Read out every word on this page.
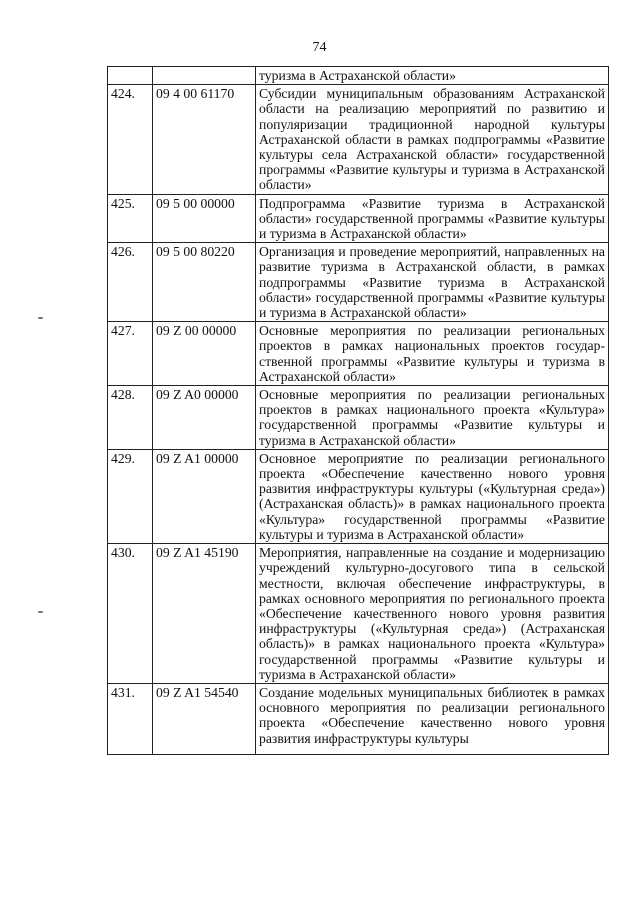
74
		туризма в Астраханской области»
424.	09 4 00 61170	Субсидии муниципальным образованиям Астраханской области на реализацию мероприятий по развитию и популяризации традиционной народной культуры Астраханской области в рамках подпрограммы «Развитие культуры села Астраханской области» государственной программы «Развитие культуры и туризма в Астраханской области»
425.	09 5 00 00000	Подпрограмма «Развитие туризма в Астраханской области» государственной программы «Развитие культуры и туризма в Астраханской области»
426.	09 5 00 80220	Организация и проведение мероприятий, направленных на развитие туризма в Астраханской области, в рамках подпрограммы «Развитие туризма в Астраханской области» государственной программы «Развитие культуры и туризма в Астраханской области»
427.	09 Z 00 00000	Основные мероприятия по реализации региональных проектов в рамках национальных проектов государственной программы «Развитие культуры и туризма в Астраханской области»
428.	09 Z A0 00000	Основные мероприятия по реализации региональных проектов в рамках национального проекта «Культура» государственной программы «Развитие культуры и туризма в Астраханской области»
429.	09 Z A1 00000	Основное мероприятие по реализации регионального проекта «Обеспечение качественно нового уровня развития инфраструктуры культуры («Культурная среда») (Астраханская область)» в рамках национального проекта «Культура» государственной программы «Развитие культуры и туризма в Астраханской области»
430.	09 Z A1 45190	Мероприятия, направленные на создание и модернизацию учреждений культурно-досугового типа в сельской местности, включая обеспечение инфраструктуры, в рамках основного мероприятия по регионального проекта «Обеспечение качественного нового уровня развития инфраструктуры («Культурная среда») (Астраханская область)» в рамках национального проекта «Культура» государственной программы «Развитие культуры и туризма в Астраханской области»
431.	09 Z A1 54540	Создание модельных муниципальных библиотек в рамках основного мероприятия по реализации регионального проекта «Обеспечение качественно нового уровня развития инфраструктуры культуры
